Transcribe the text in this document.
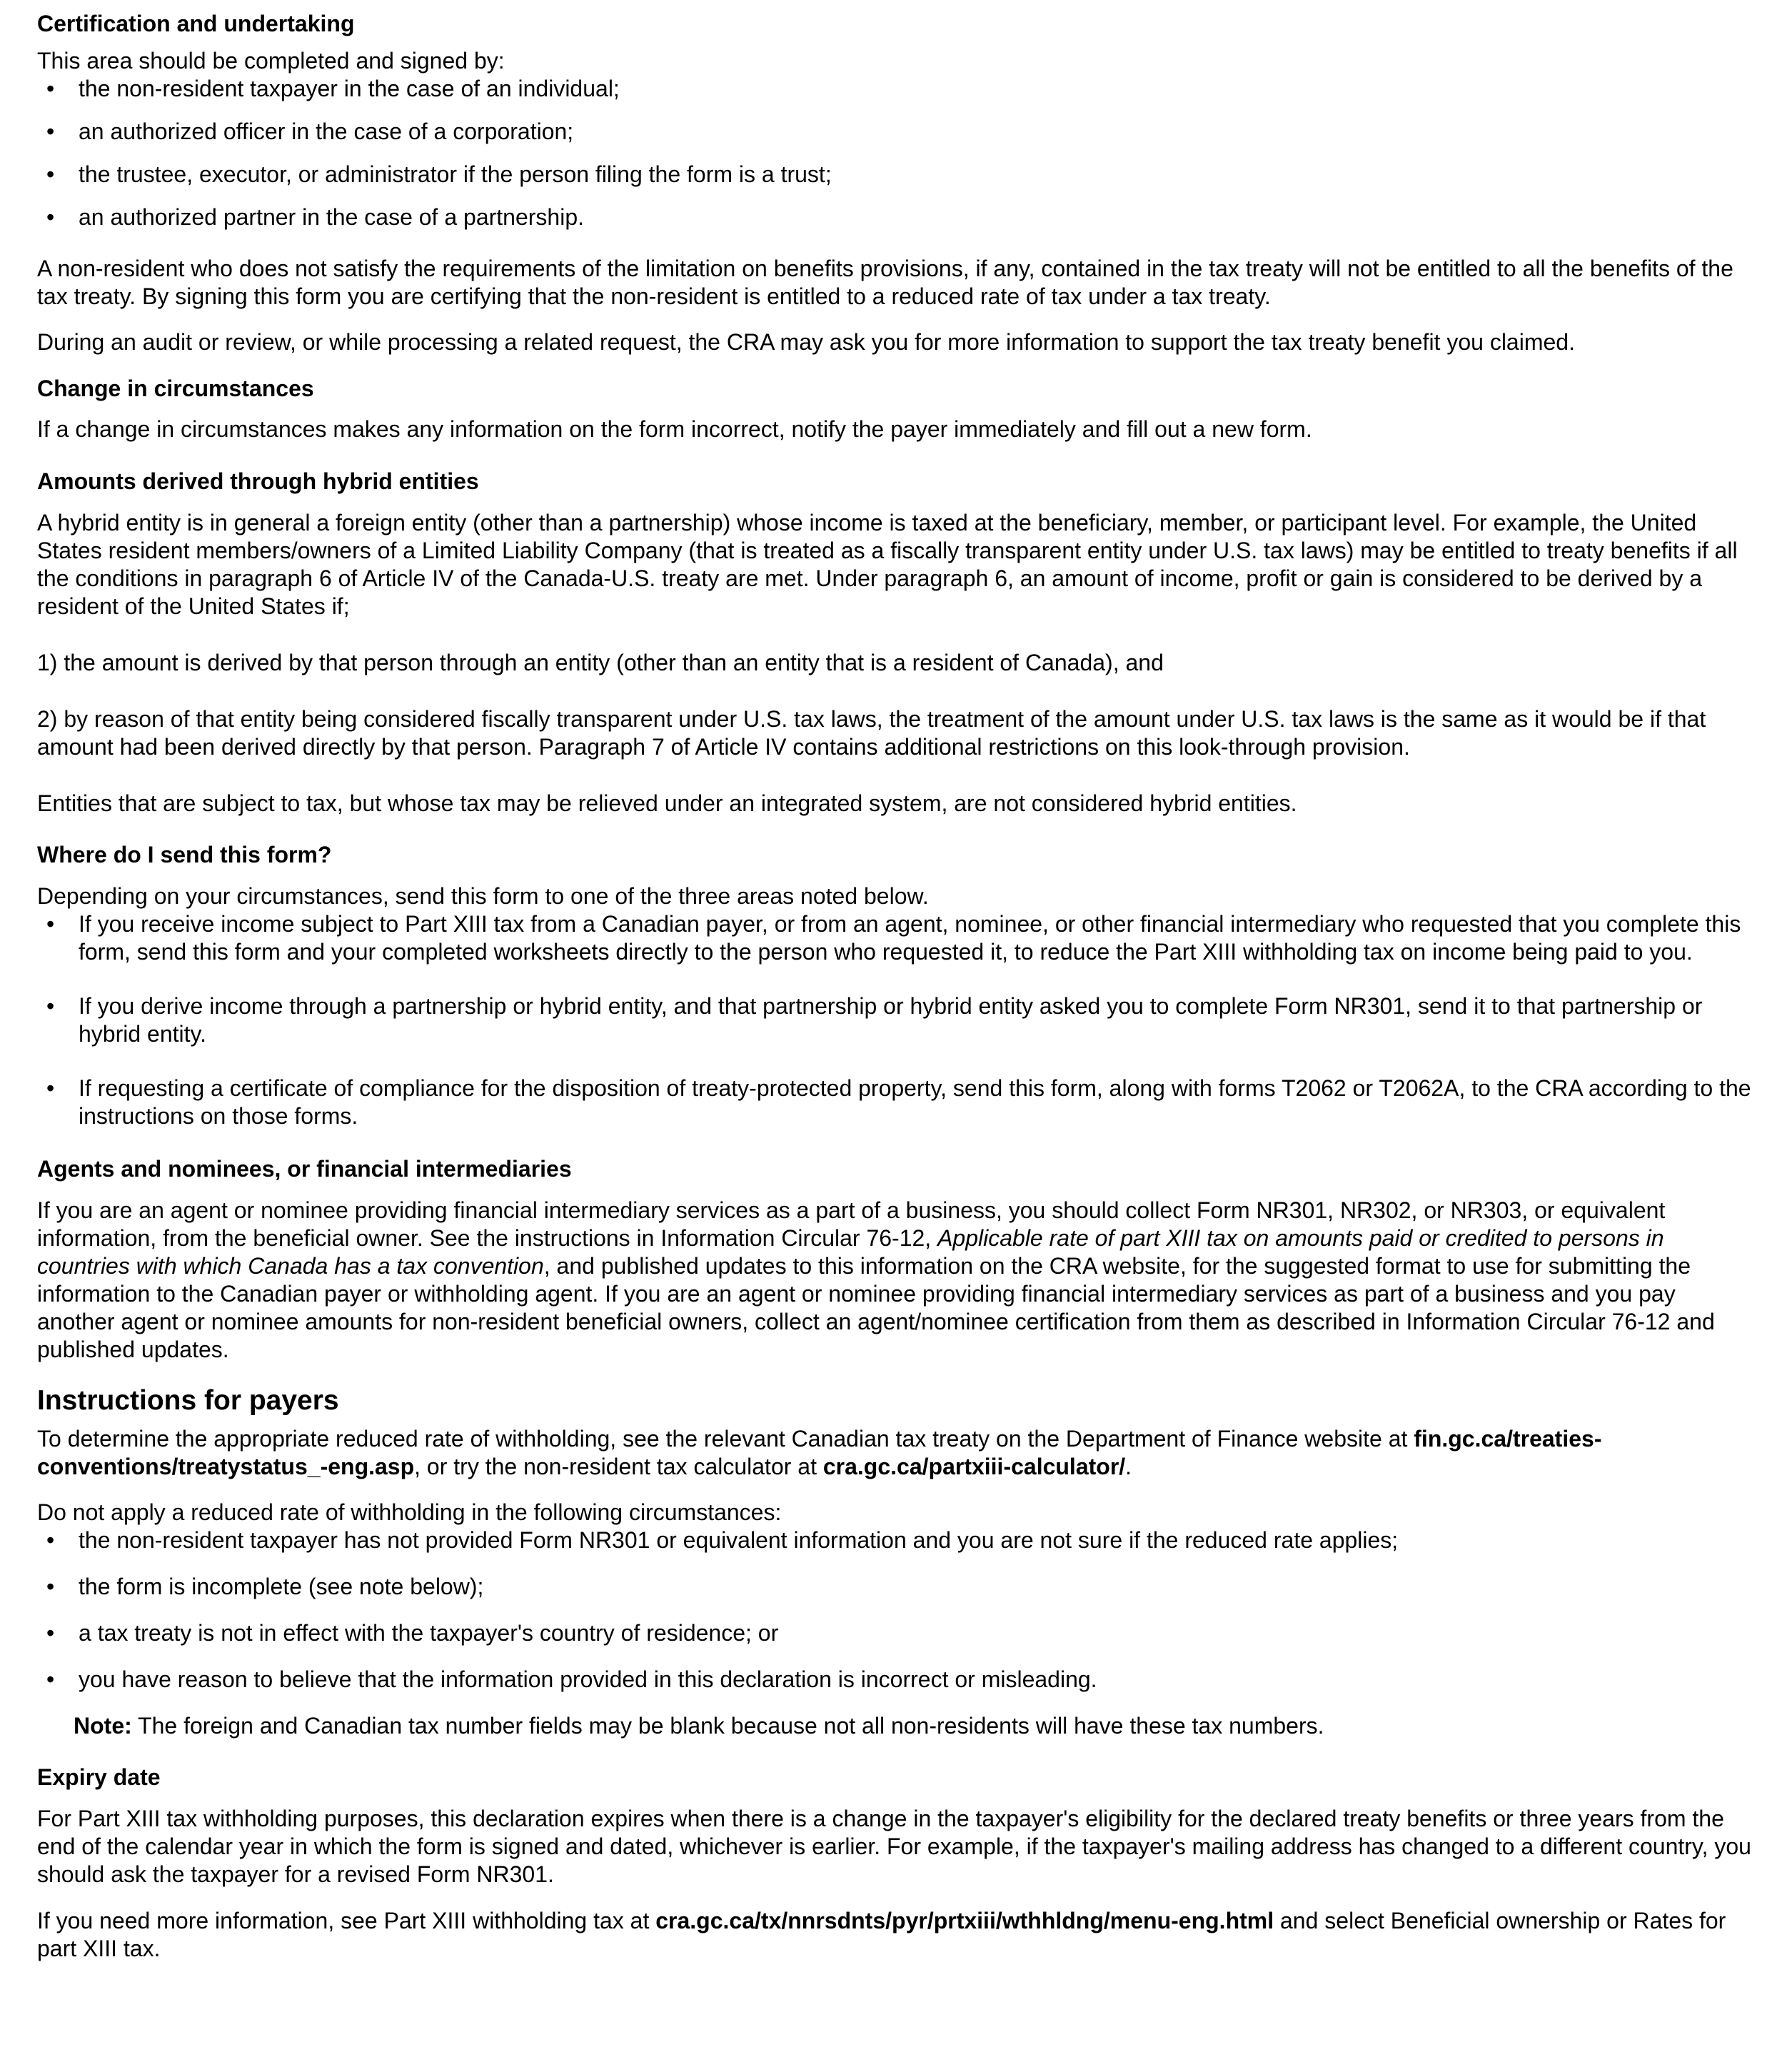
Certification and undertaking

This area should be completed and signed by:

• the non-resident taxpayer in the case of an individual;
• an authorized officer in the case of a corporation;
• the trustee, executor, or administrator if the person filing the form is a trust;
• an authorized partner in the case of a partnership.

A non-resident who does not satisfy the requirements of the limitation on benefits provisions, if any, contained in the tax treaty will not be entitled to all the benefits of the tax treaty. By signing this form you are certifying that the non-resident is entitled to a reduced rate of tax under a tax treaty.

During an audit or review, or while processing a related request, the CRA may ask you for more information to support the tax treaty benefit you claimed.

Change in circumstances

If a change in circumstances makes any information on the form incorrect, notify the payer immediately and fill out a new form.

Amounts derived through hybrid entities

A hybrid entity is in general a foreign entity (other than a partnership) whose income is taxed at the beneficiary, member, or participant level. For example, the United States resident members/owners of a Limited Liability Company (that is treated as a fiscally transparent entity under U.S. tax laws) may be entitled to treaty benefits if all the conditions in paragraph 6 of Article IV of the Canada-U.S. treaty are met. Under paragraph 6, an amount of income, profit or gain is considered to be derived by a resident of the United States if;

1) the amount is derived by that person through an entity (other than an entity that is a resident of Canada), and

2) by reason of that entity being considered fiscally transparent under U.S. tax laws, the treatment of the amount under U.S. tax laws is the same as it would be if that amount had been derived directly by that person. Paragraph 7 of Article IV contains additional restrictions on this look-through provision.

Entities that are subject to tax, but whose tax may be relieved under an integrated system, are not considered hybrid entities.

Where do I send this form?

Depending on your circumstances, send this form to one of the three areas noted below.

• If you receive income subject to Part XIII tax from a Canadian payer, or from an agent, nominee, or other financial intermediary who requested that you complete this form, send this form and your completed worksheets directly to the person who requested it, to reduce the Part XIII withholding tax on income being paid to you.
• If you derive income through a partnership or hybrid entity, and that partnership or hybrid entity asked you to complete Form NR301, send it to that partnership or hybrid entity.
• If requesting a certificate of compliance for the disposition of treaty-protected property, send this form, along with forms T2062 or T2062A, to the CRA according to the instructions on those forms.
Agents and nominees, or financial intermediaries

If you are an agent or nominee providing financial intermediary services as a part of a business, you should collect Form NR301, NR302, or NR303, or equivalent information, from the beneficial owner. See the instructions in Information Circular 76-12, Applicable rate of part XIII tax on amounts paid or credited to persons in countries with which Canada has a tax convention, and published updates to this information on the CRA website, for the suggested format to use for submitting the information to the Canadian payer or withholding agent. If you are an agent or nominee providing financial intermediary services as part of a business and you pay another agent or nominee amounts for non-resident beneficial owners, collect an agent/nominee certification from them as described in Information Circular 76-12 and published updates.

Instructions for payers

To determine the appropriate reduced rate of withholding, see the relevant Canadian tax treaty on the Department of Finance website at fin.gc.ca/treaties-conventions/treatystatus_-eng.asp, or try the non-resident tax calculator at cra.gc.ca/partxiii-calculator/.

Do not apply a reduced rate of withholding in the following circumstances:

• the non-resident taxpayer has not provided Form NR301 or equivalent information and you are not sure if the reduced rate applies;
• the form is incomplete (see note below);
• a tax treaty is not in effect with the taxpayer's country of residence; or
• you have reason to believe that the information provided in this declaration is incorrect or misleading.

Note: The foreign and Canadian tax number fields may be blank because not all non-residents will have these tax numbers.

Expiry date

For Part XIII tax withholding purposes, this declaration expires when there is a change in the taxpayer's eligibility for the declared treaty benefits or three years from the end of the calendar year in which the form is signed and dated, whichever is earlier. For example, if the taxpayer's mailing address has changed to a different country, you should ask the taxpayer for a revised Form NR301.

If you need more information, see Part XIII withholding tax at cra.gc.ca/tx/nnrsdnts/pyr/prtxiii/wthhldng/menu-eng.html and select Beneficial ownership or Rates for part XIII tax.
